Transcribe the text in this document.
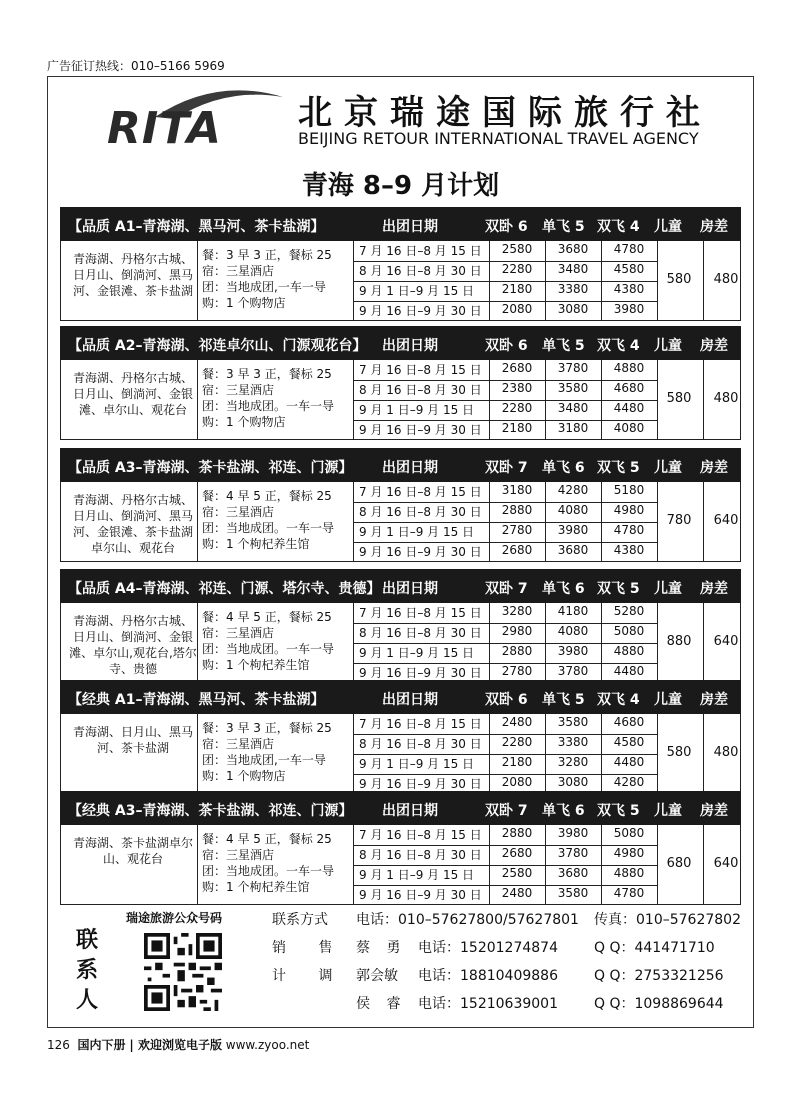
广告征订热线：010–5166 5969
RITA 北京瑞途国际旅行社
BEIJING RETOUR INTERNATIONAL TRAVEL AGENCY
青海 8–9 月计划
【品质 A1–青海湖、黑马河、茶卡盐湖】	出团日期	双卧 6 单飞 5 双飞 4 儿童 房差
青海湖、丹格尔古城、日月山、倒淌河、黑马河、金银滩、茶卡盐湖
餐：3 早 3 正，餐标 25
宿：三星酒店
团：当地成团,一车一导
购：1 个购物店
7 月 16 日–8 月 15 日	2580	3680	4780
8 月 16 日–8 月 30 日	2280	3480	4580
9 月 1 日–9 月 15 日	2180	3380	4380
9 月 16 日–9 月 30 日	2080	3080	3980
580	480
【品质 A2–青海湖、祁连卓尔山、门源观花台】 出团日期	双卧 6 单飞 5 双飞 4 儿童 房差
青海湖、丹格尔古城、日月山、倒淌河、金银滩、卓尔山、观花台
餐：3 早 3 正，餐标 25
宿：三星酒店
团：当地成团。一车一导
购：1 个购物店
7 月 16 日–8 月 15 日	2680	3780	4880
8 月 16 日–8 月 30 日	2380	3580	4680
9 月 1 日–9 月 15 日	2280	3480	4480
9 月 16 日–9 月 30 日	2180	3180	4080
580	480
【品质 A3–青海湖、茶卡盐湖、祁连、门源】 出团日期	双卧 7 单飞 6 双飞 5 儿童 房差
青海湖、丹格尔古城、日月山、倒淌河、黑马河、金银滩、茶卡盐湖卓尔山、观花台
餐：4 早 5 正，餐标 25
宿：三星酒店
团：当地成团。一车一导
购：1 个枸杞养生馆
7 月 16 日–8 月 15 日	3180	4280	5180
8 月 16 日–8 月 30 日	2880	4080	4980
9 月 1 日–9 月 15 日	2780	3980	4780
9 月 16 日–9 月 30 日	2680	3680	4380
780	640
【品质 A4–青海湖、祁连、门源、塔尔寺、贵德】 出团日期	双卧 7 单飞 6 双飞 5 儿童 房差
青海湖、丹格尔古城、日月山、倒淌河、金银滩、卓尔山,观花台,塔尔寺、贵德
餐：4 早 5 正，餐标 25
宿：三星酒店
团：当地成团。一车一导
购：1 个枸杞养生馆
7 月 16 日–8 月 15 日	3280	4180	5280
8 月 16 日–8 月 30 日	2980	4080	5080
9 月 1 日–9 月 15 日	2880	3980	4880
9 月 16 日–9 月 30 日	2780	3780	4480
880	640
【经典 A1–青海湖、黑马河、茶卡盐湖】	出团日期	双卧 6 单飞 5 双飞 4 儿童 房差
青海湖、日月山、黑马河、茶卡盐湖
餐：3 早 3 正，餐标 25
宿：三星酒店
团：当地成团,一车一导
购：1 个购物店
7 月 16 日–8 月 15 日	2480	3580	4680
8 月 16 日–8 月 30 日	2280	3380	4580
9 月 1 日–9 月 15 日	2180	3280	4480
9 月 16 日–9 月 30 日	2080	3080	4280
580	480
【经典 A3–青海湖、茶卡盐湖、祁连、门源】 出团日期	双卧 7 单飞 6 双飞 5 儿童 房差
青海湖、茶卡盐湖卓尔山、观花台
餐：4 早 5 正，餐标 25
宿：三星酒店
团：当地成团。一车一导
购：1 个枸杞养生馆
7 月 16 日–8 月 15 日	2880	3980	5080
8 月 16 日–8 月 30 日	2680	3780	4980
9 月 1 日–9 月 15 日	2580	3680	4880
9 月 16 日–9 月 30 日	2480	3580	4780
680	640
联系人
瑞途旅游公众号码	联系方式 电话：010–57627800/57627801 传真：010–57627802
销 售 蔡 勇 电话：15201274874	Q Q：441471710
计 调 郭会敏 电话：18810409886	Q Q：2753321256
侯 睿 电话：15210639001	Q Q：1098869644
126 国内下册 | 欢迎浏览电子版 www.zyoo.net
